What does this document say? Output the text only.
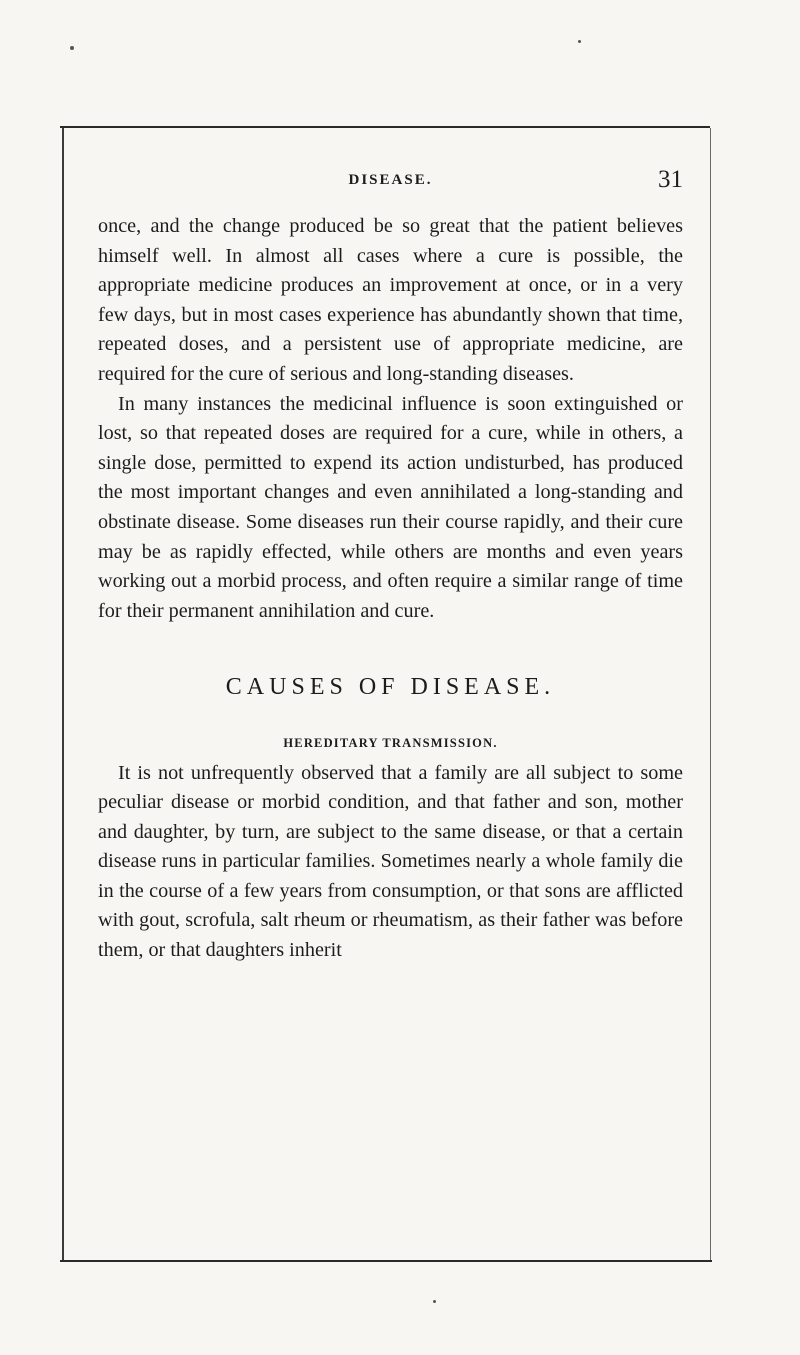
DISEASE.	31

once, and the change produced be so great that the patient believes himself well. In almost all cases where a cure is possible, the appropriate medicine produces an improvement at once, or in a very few days, but in most cases experience has abundantly shown that time, repeated doses, and a persistent use of appropriate medicine, are required for the cure of serious and long-standing diseases.

In many instances the medicinal influence is soon extinguished or lost, so that repeated doses are required for a cure, while in others, a single dose, permitted to expend its action undisturbed, has produced the most important changes and even annihilated a long-standing and obstinate disease. Some diseases run their course rapidly, and their cure may be as rapidly effected, while others are months and even years working out a morbid process, and often require a similar range of time for their permanent annihilation and cure.

CAUSES OF DISEASE.
HEREDITARY TRANSMISSION.

It is not unfrequently observed that a family are all subject to some peculiar disease or morbid condition, and that father and son, mother and daughter, by turn, are subject to the same disease, or that a certain disease runs in particular families. Sometimes nearly a whole family die in the course of a few years from consumption, or that sons are afflicted with gout, scrofula, salt rheum or rheumatism, as their father was before them, or that daughters inherit
